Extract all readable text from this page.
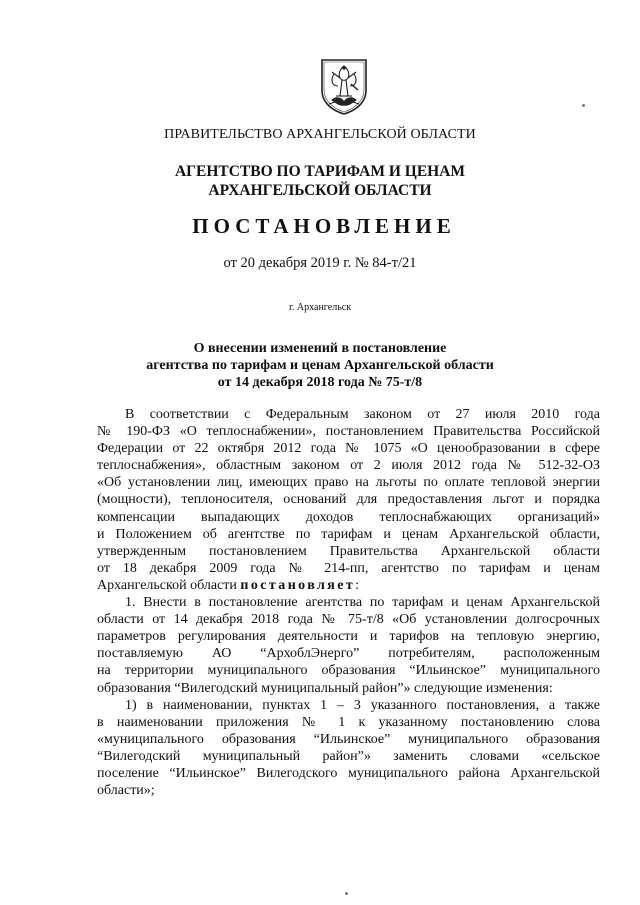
ПРАВИТЕЛЬСТВО АРХАНГЕЛЬСКОЙ ОБЛАСТИ
АГЕНТСТВО ПО ТАРИФАМ И ЦЕНАМ
АРХАНГЕЛЬСКОЙ ОБЛАСТИ
ПОСТАНОВЛЕНИЕ
от 20 декабря 2019 г. № 84-т/21
г. Архангельск
О внесении изменений в постановление
агентства по тарифам и ценам Архангельской области
от 14 декабря 2018 года № 75-т/8

В соответствии с Федеральным законом от 27 июля 2010 года
№ 190-ФЗ «О теплоснабжении», постановлением Правительства Российской
Федерации от 22 октября 2012 года № 1075 «О ценообразовании в сфере
теплоснабжения», областным законом от 2 июля 2012 года № 512-32-ОЗ
«Об установлении лиц, имеющих право на льготы по оплате тепловой энергии
(мощности), теплоносителя, оснований для предоставления льгот и порядка
компенсации выпадающих доходов теплоснабжающих организаций»
и Положением об агентстве по тарифам и ценам Архангельской области,
утвержденным постановлением Правительства Архангельской области
от 18 декабря 2009 года № 214-пп, агентство по тарифам и ценам
Архангельской области постановляет:

1. Внести в постановление агентства по тарифам и ценам Архангельской
области от 14 декабря 2018 года № 75-т/8 «Об установлении долгосрочных
параметров регулирования деятельности и тарифов на тепловую энергию,
поставляемую АО “АрхоблЭнерго” потребителям, расположенным
на территории муниципального образования “Ильинское” муниципального
образования “Вилегодский муниципальный район”» следующие изменения:

1) в наименовании, пунктах 1 – 3 указанного постановления, а также
в наименовании приложения № 1 к указанному постановлению слова
«муниципального образования “Ильинское” муниципального образования
“Вилегодский муниципальный район”» заменить словами «сельское
поселение “Ильинское” Вилегодского муниципального района Архангельской
области»;
